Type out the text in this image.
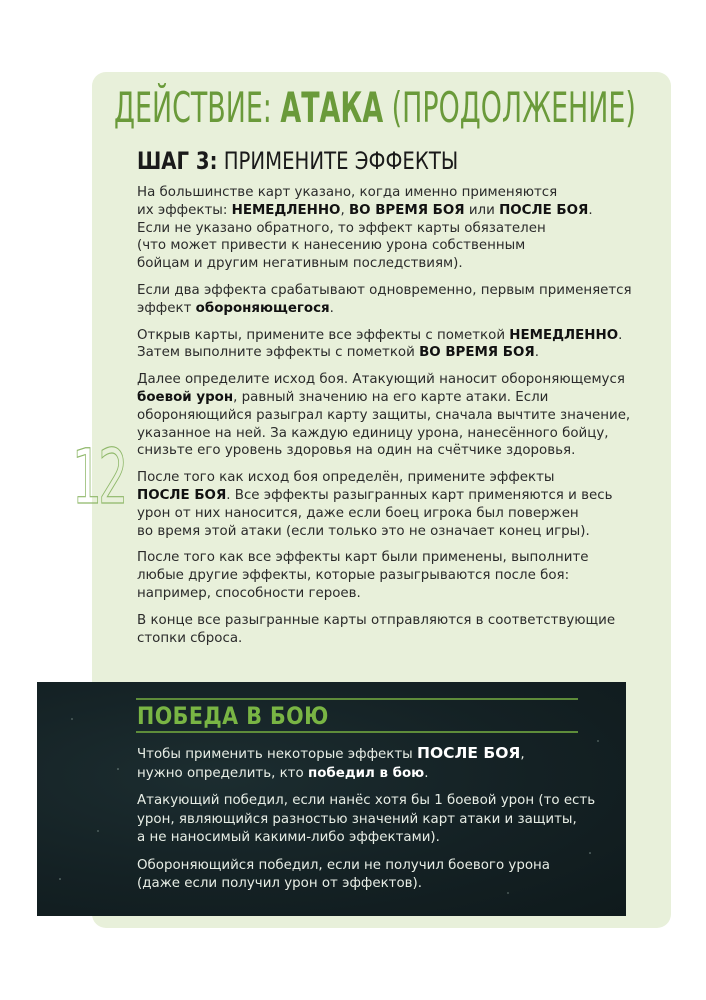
12
ДЕЙСТВИЕ: АТАКА (ПРОДОЛЖЕНИЕ)
ШАГ 3: ПРИМЕНИТЕ ЭФФЕКТЫ

На большинстве карт указано, когда именно применяются
их эффекты: НЕМЕДЛЕННО, ВО ВРЕМЯ БОЯ или ПОСЛЕ БОЯ.
Если не указано обратного, то эффект карты обязателен
(что может привести к нанесению урона собственным
бойцам и другим негативным последствиям).

Если два эффекта срабатывают одновременно, первым применяется
эффект обороняющегося.

Открыв карты, примените все эффекты с пометкой НЕМЕДЛЕННО.
Затем выполните эффекты с пометкой ВО ВРЕМЯ БОЯ.

Далее определите исход боя. Атакующий наносит обороняющемуся
боевой урон, равный значению на его карте атаки. Если
обороняющийся разыграл карту защиты, сначала вычтите значение,
указанное на ней. За каждую единицу урона, нанесённого бойцу,
снизьте его уровень здоровья на один на счётчике здоровья.

После того как исход боя определён, примените эффекты
ПОСЛЕ БОЯ. Все эффекты разыгранных карт применяются и весь
урон от них наносится, даже если боец игрока был повержен
во время этой атаки (если только это не означает конец игры).

После того как все эффекты карт были применены, выполните
любые другие эффекты, которые разыгрываются после боя:
например, способности героев.

В конце все разыгранные карты отправляются в соответствующие
стопки сброса.

ПОБЕДА В БОЮ

Чтобы применить некоторые эффекты ПОСЛЕ БОЯ,
нужно определить, кто победил в бою.

Атакующий победил, если нанёс хотя бы 1 боевой урон (то есть
урон, являющийся разностью значений карт атаки и защиты,
а не наносимый какими-либо эффектами).

Обороняющийся победил, если не получил боевого урона
(даже если получил урон от эффектов).
